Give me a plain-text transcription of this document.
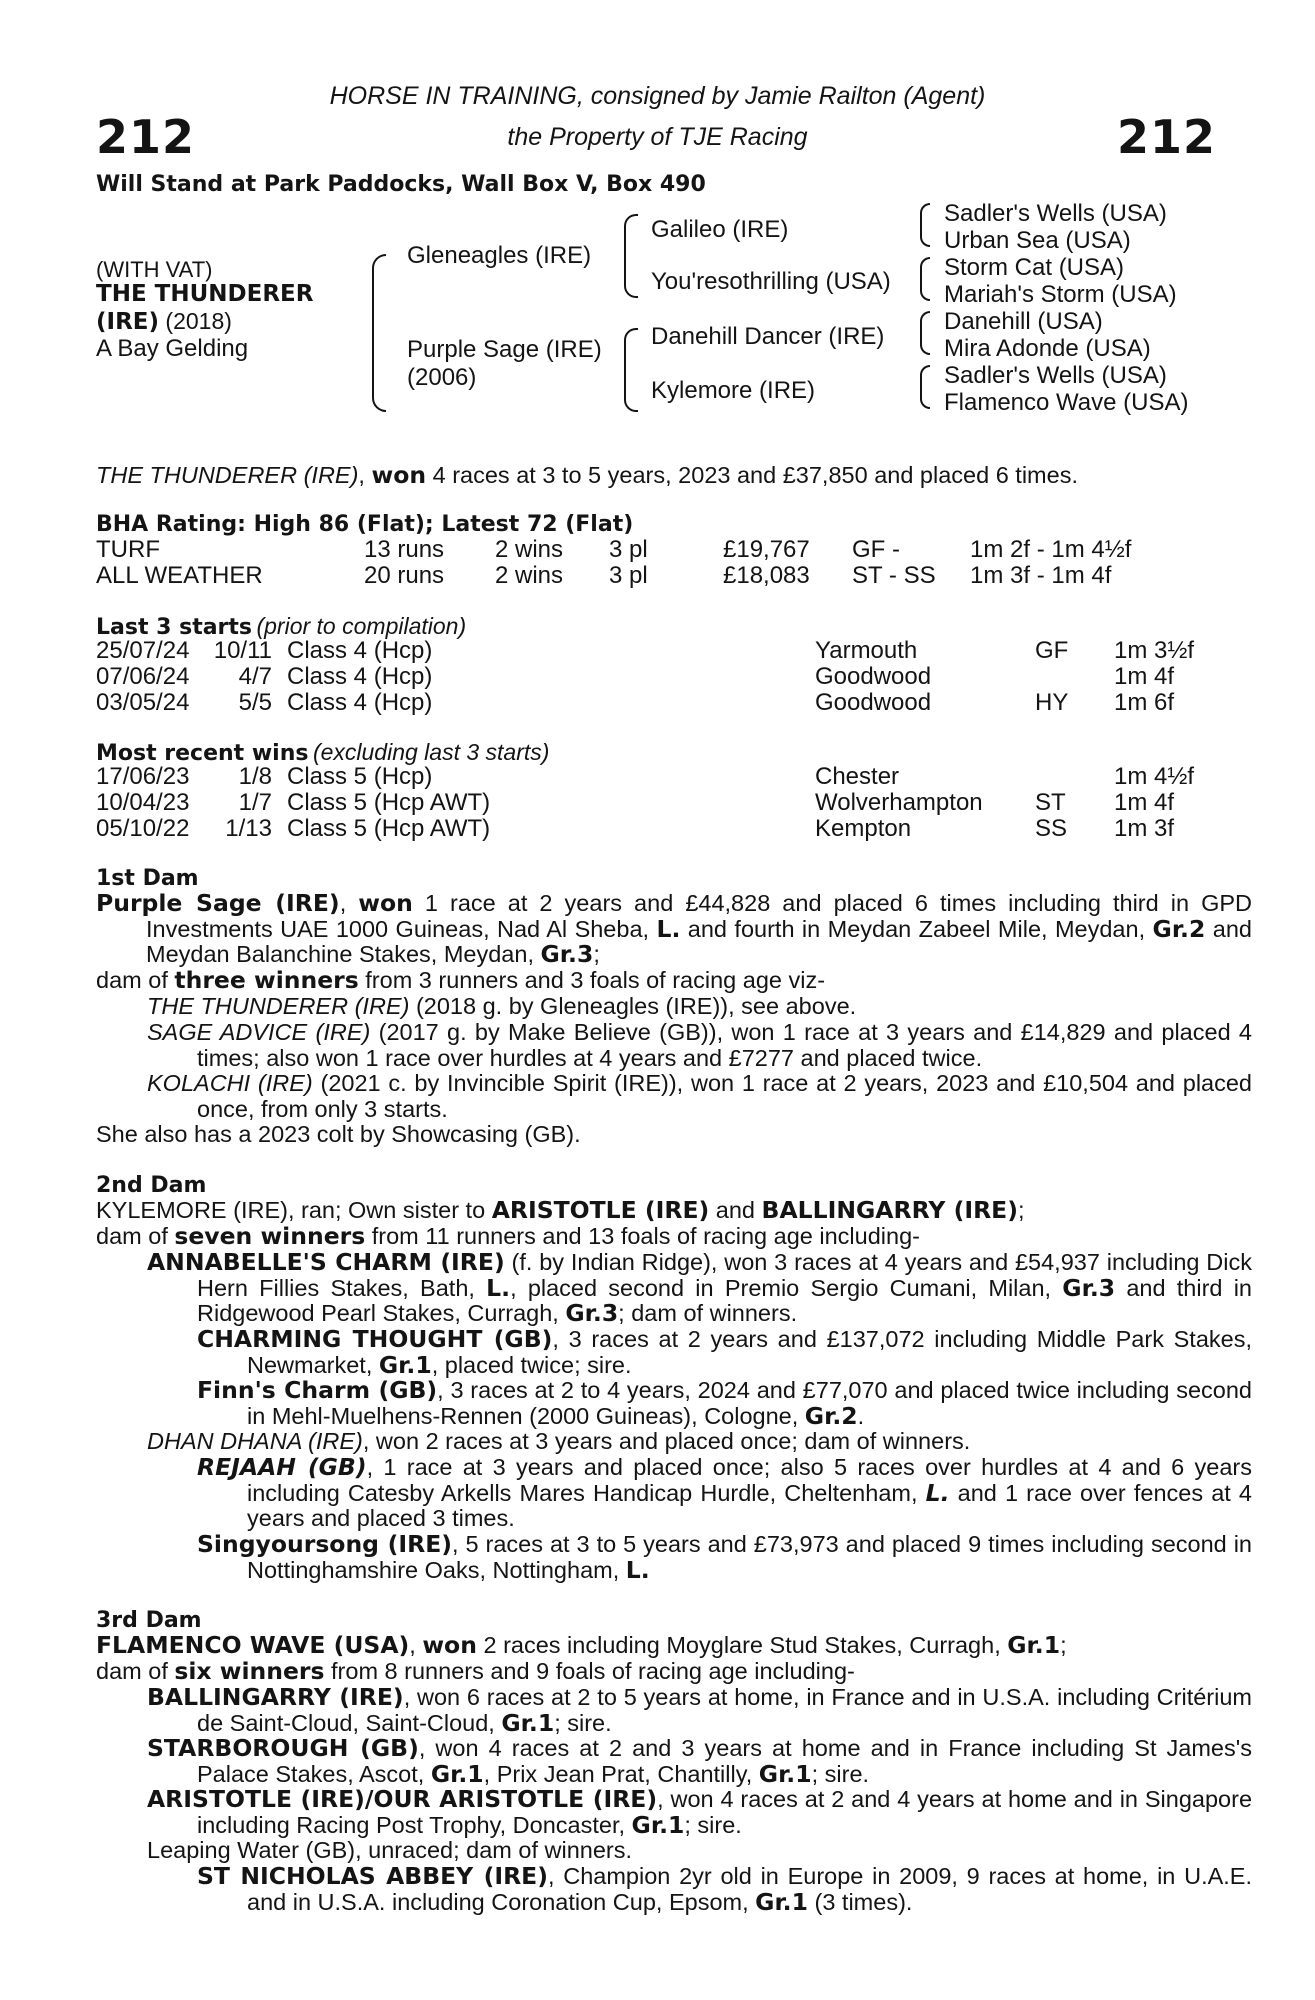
212	212
HORSE IN TRAINING, consigned by Jamie Railton (Agent)
the Property of TJE Racing
Will Stand at Park Paddocks, Wall Box V, Box 490
(WITH VAT)
THE THUNDERER
(IRE) (2018)
A Bay Gelding
Gleneagles (IRE)
Purple Sage (IRE)
(2006)
Galileo (IRE)
You'resothrilling (USA)
Danehill Dancer (IRE)
Kylemore (IRE)
Sadler's Wells (USA)
Urban Sea (USA)
Storm Cat (USA)
Mariah's Storm (USA)
Danehill (USA)
Mira Adonde (USA)
Sadler's Wells (USA)
Flamenco Wave (USA)
THE THUNDERER (IRE), won 4 races at 3 to 5 years, 2023 and £37,850 and placed 6 times.
BHA Rating: High 86 (Flat); Latest 72 (Flat)
TURF	13 runs 2 wins 3 pl	£19,767 GF -	1m 2f - 1m 4½f
ALL WEATHER	20 runs 2 wins 3 pl	£18,083 ST - SS 1m 3f - 1m 4f
Last 3 starts (prior to compilation)
25/07/24 10/11 Class 4 (Hcp)	Yarmouth	GF 1m 3½f
07/06/24 4/7 Class 4 (Hcp)	Goodwood	1m 4f
03/05/24 5/5 Class 4 (Hcp)	Goodwood	HY 1m 6f
Most recent wins (excluding last 3 starts)
17/06/23 1/8 Class 5 (Hcp)	Chester	1m 4½f
10/04/23 1/7 Class 5 (Hcp AWT)	Wolverhampton ST 1m 4f
05/10/22 1/13 Class 5 (Hcp AWT)	Kempton	SS 1m 3f
1st Dam
Purple Sage (IRE), won 1 race at 2 years and £44,828 and placed 6 times including third in GPD Investments UAE 1000 Guineas, Nad Al Sheba, L. and fourth in Meydan Zabeel Mile, Meydan, Gr.2 and Meydan Balanchine Stakes, Meydan, Gr.3;
dam of three winners from 3 runners and 3 foals of racing age viz-
THE THUNDERER (IRE) (2018 g. by Gleneagles (IRE)), see above.
SAGE ADVICE (IRE) (2017 g. by Make Believe (GB)), won 1 race at 3 years and £14,829 and placed 4 times; also won 1 race over hurdles at 4 years and £7277 and placed twice.
KOLACHI (IRE) (2021 c. by Invincible Spirit (IRE)), won 1 race at 2 years, 2023 and £10,504 and placed once, from only 3 starts.
She also has a 2023 colt by Showcasing (GB).
2nd Dam
KYLEMORE (IRE), ran; Own sister to ARISTOTLE (IRE) and BALLINGARRY (IRE);
dam of seven winners from 11 runners and 13 foals of racing age including-
ANNABELLE'S CHARM (IRE) (f. by Indian Ridge), won 3 races at 4 years and £54,937 including Dick Hern Fillies Stakes, Bath, L., placed second in Premio Sergio Cumani, Milan, Gr.3 and third in Ridgewood Pearl Stakes, Curragh, Gr.3; dam of winners.
CHARMING THOUGHT (GB), 3 races at 2 years and £137,072 including Middle Park Stakes, Newmarket, Gr.1, placed twice; sire.
Finn's Charm (GB), 3 races at 2 to 4 years, 2024 and £77,070 and placed twice including second in Mehl-Muelhens-Rennen (2000 Guineas), Cologne, Gr.2.
DHAN DHANA (IRE), won 2 races at 3 years and placed once; dam of winners.
REJAAH (GB), 1 race at 3 years and placed once; also 5 races over hurdles at 4 and 6 years including Catesby Arkells Mares Handicap Hurdle, Cheltenham, L. and 1 race over fences at 4 years and placed 3 times.
Singyoursong (IRE), 5 races at 3 to 5 years and £73,973 and placed 9 times including second in Nottinghamshire Oaks, Nottingham, L.
3rd Dam
FLAMENCO WAVE (USA), won 2 races including Moyglare Stud Stakes, Curragh, Gr.1;
dam of six winners from 8 runners and 9 foals of racing age including-
BALLINGARRY (IRE), won 6 races at 2 to 5 years at home, in France and in U.S.A. including Critérium de Saint-Cloud, Saint-Cloud, Gr.1; sire.
STARBOROUGH (GB), won 4 races at 2 and 3 years at home and in France including St James's Palace Stakes, Ascot, Gr.1, Prix Jean Prat, Chantilly, Gr.1; sire.
ARISTOTLE (IRE)/OUR ARISTOTLE (IRE), won 4 races at 2 and 4 years at home and in Singapore including Racing Post Trophy, Doncaster, Gr.1; sire.
Leaping Water (GB), unraced; dam of winners.
ST NICHOLAS ABBEY (IRE), Champion 2yr old in Europe in 2009, 9 races at home, in U.A.E. and in U.S.A. including Coronation Cup, Epsom, Gr.1 (3 times).
